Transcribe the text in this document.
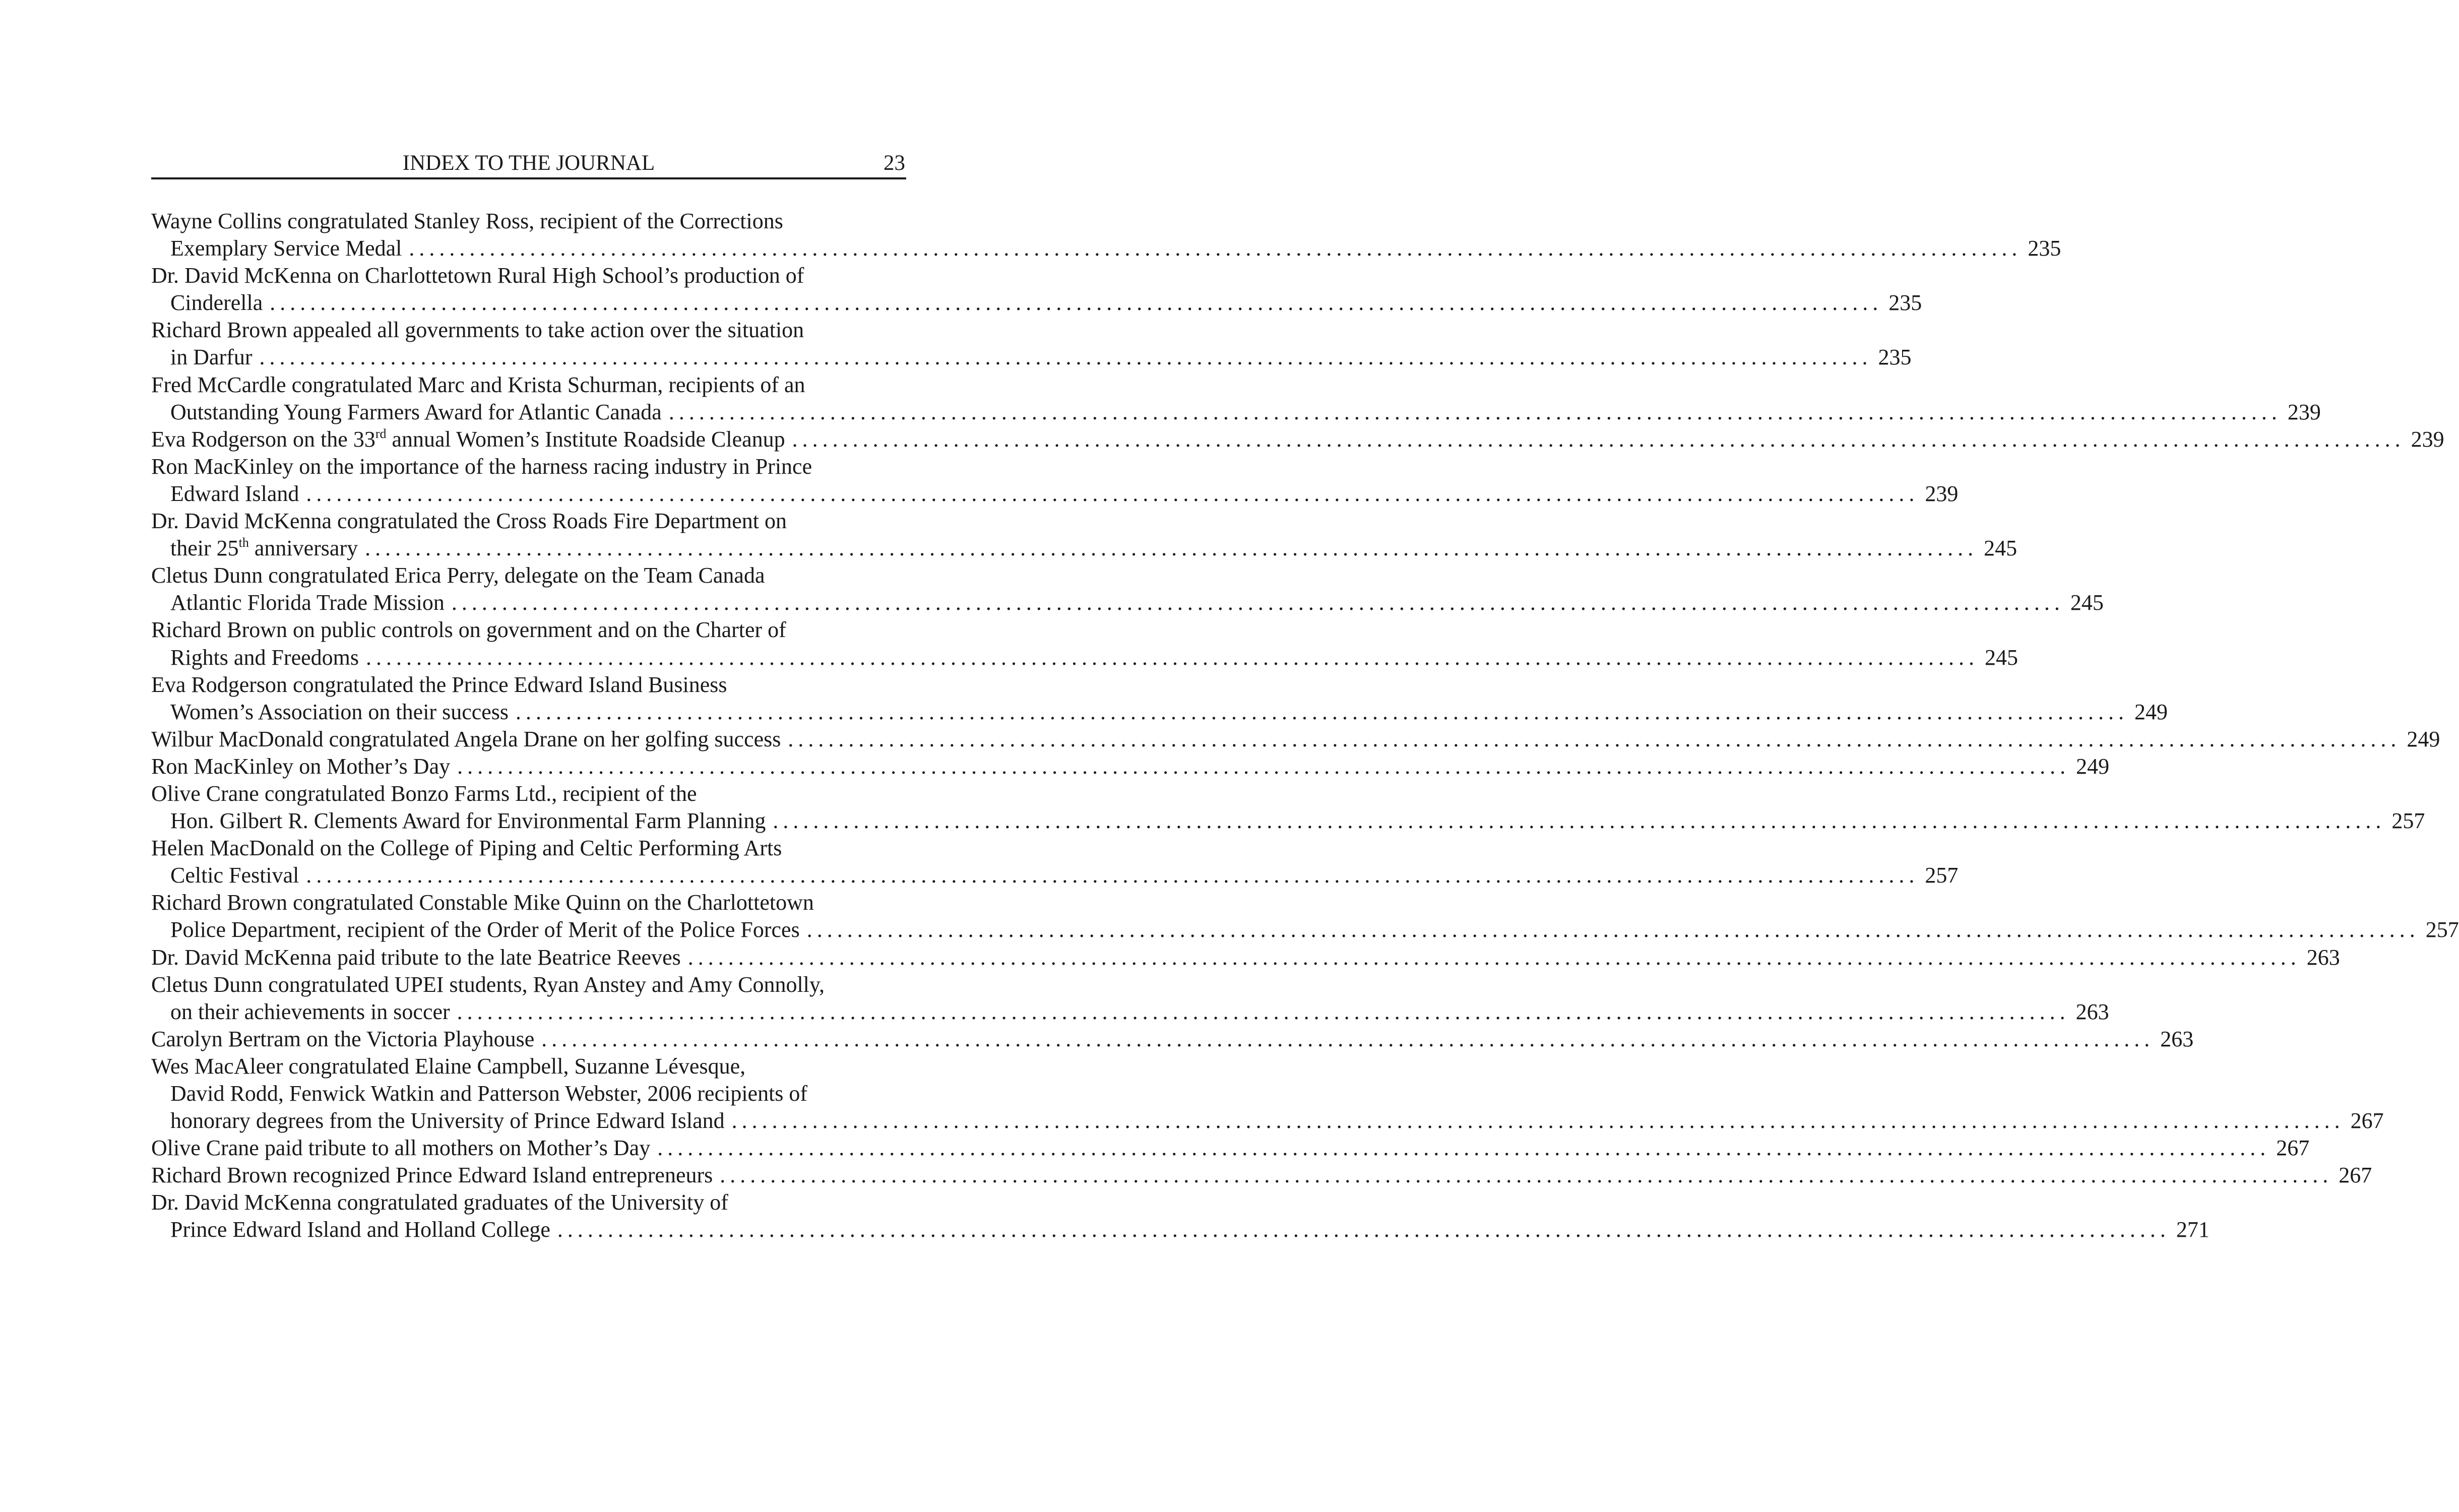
INDEX TO THE JOURNAL	23
Wayne Collins congratulated Stanley Ross, recipient of the Corrections
Exemplary Service Medal ................................................................................................................................................................ 235
Dr. David McKenna on Charlottetown Rural High School’s production of
Cinderella ................................................................................................................................................................ 235
Richard Brown appealed all governments to take action over the situation
in Darfur ................................................................................................................................................................ 235
Fred McCardle congratulated Marc and Krista Schurman, recipients of an
Outstanding Young Farmers Award for Atlantic Canada ................................................................................................................................................................ 239
Eva Rodgerson on the 33rd annual Women’s Institute Roadside Cleanup ................................................................................................................................................................ 239
Ron MacKinley on the importance of the harness racing industry in Prince
Edward Island ................................................................................................................................................................ 239
Dr. David McKenna congratulated the Cross Roads Fire Department on
their 25th anniversary ................................................................................................................................................................ 245
Cletus Dunn congratulated Erica Perry, delegate on the Team Canada
Atlantic Florida Trade Mission ................................................................................................................................................................ 245
Richard Brown on public controls on government and on the Charter of
Rights and Freedoms ................................................................................................................................................................ 245
Eva Rodgerson congratulated the Prince Edward Island Business
Women’s Association on their success ................................................................................................................................................................ 249
Wilbur MacDonald congratulated Angela Drane on her golfing success ................................................................................................................................................................ 249
Ron MacKinley on Mother’s Day ................................................................................................................................................................ 249
Olive Crane congratulated Bonzo Farms Ltd., recipient of the
Hon. Gilbert R. Clements Award for Environmental Farm Planning ................................................................................................................................................................ 257
Helen MacDonald on the College of Piping and Celtic Performing Arts
Celtic Festival ................................................................................................................................................................ 257
Richard Brown congratulated Constable Mike Quinn on the Charlottetown
Police Department, recipient of the Order of Merit of the Police Forces ................................................................................................................................................................ 257
Dr. David McKenna paid tribute to the late Beatrice Reeves ................................................................................................................................................................ 263
Cletus Dunn congratulated UPEI students, Ryan Anstey and Amy Connolly,
on their achievements in soccer ................................................................................................................................................................ 263
Carolyn Bertram on the Victoria Playhouse ................................................................................................................................................................ 263
Wes MacAleer congratulated Elaine Campbell, Suzanne Lévesque,
David Rodd, Fenwick Watkin and Patterson Webster, 2006 recipients of
honorary degrees from the University of Prince Edward Island ................................................................................................................................................................ 267
Olive Crane paid tribute to all mothers on Mother’s Day ................................................................................................................................................................ 267
Richard Brown recognized Prince Edward Island entrepreneurs ................................................................................................................................................................ 267
Dr. David McKenna congratulated graduates of the University of
Prince Edward Island and Holland College ................................................................................................................................................................ 271
